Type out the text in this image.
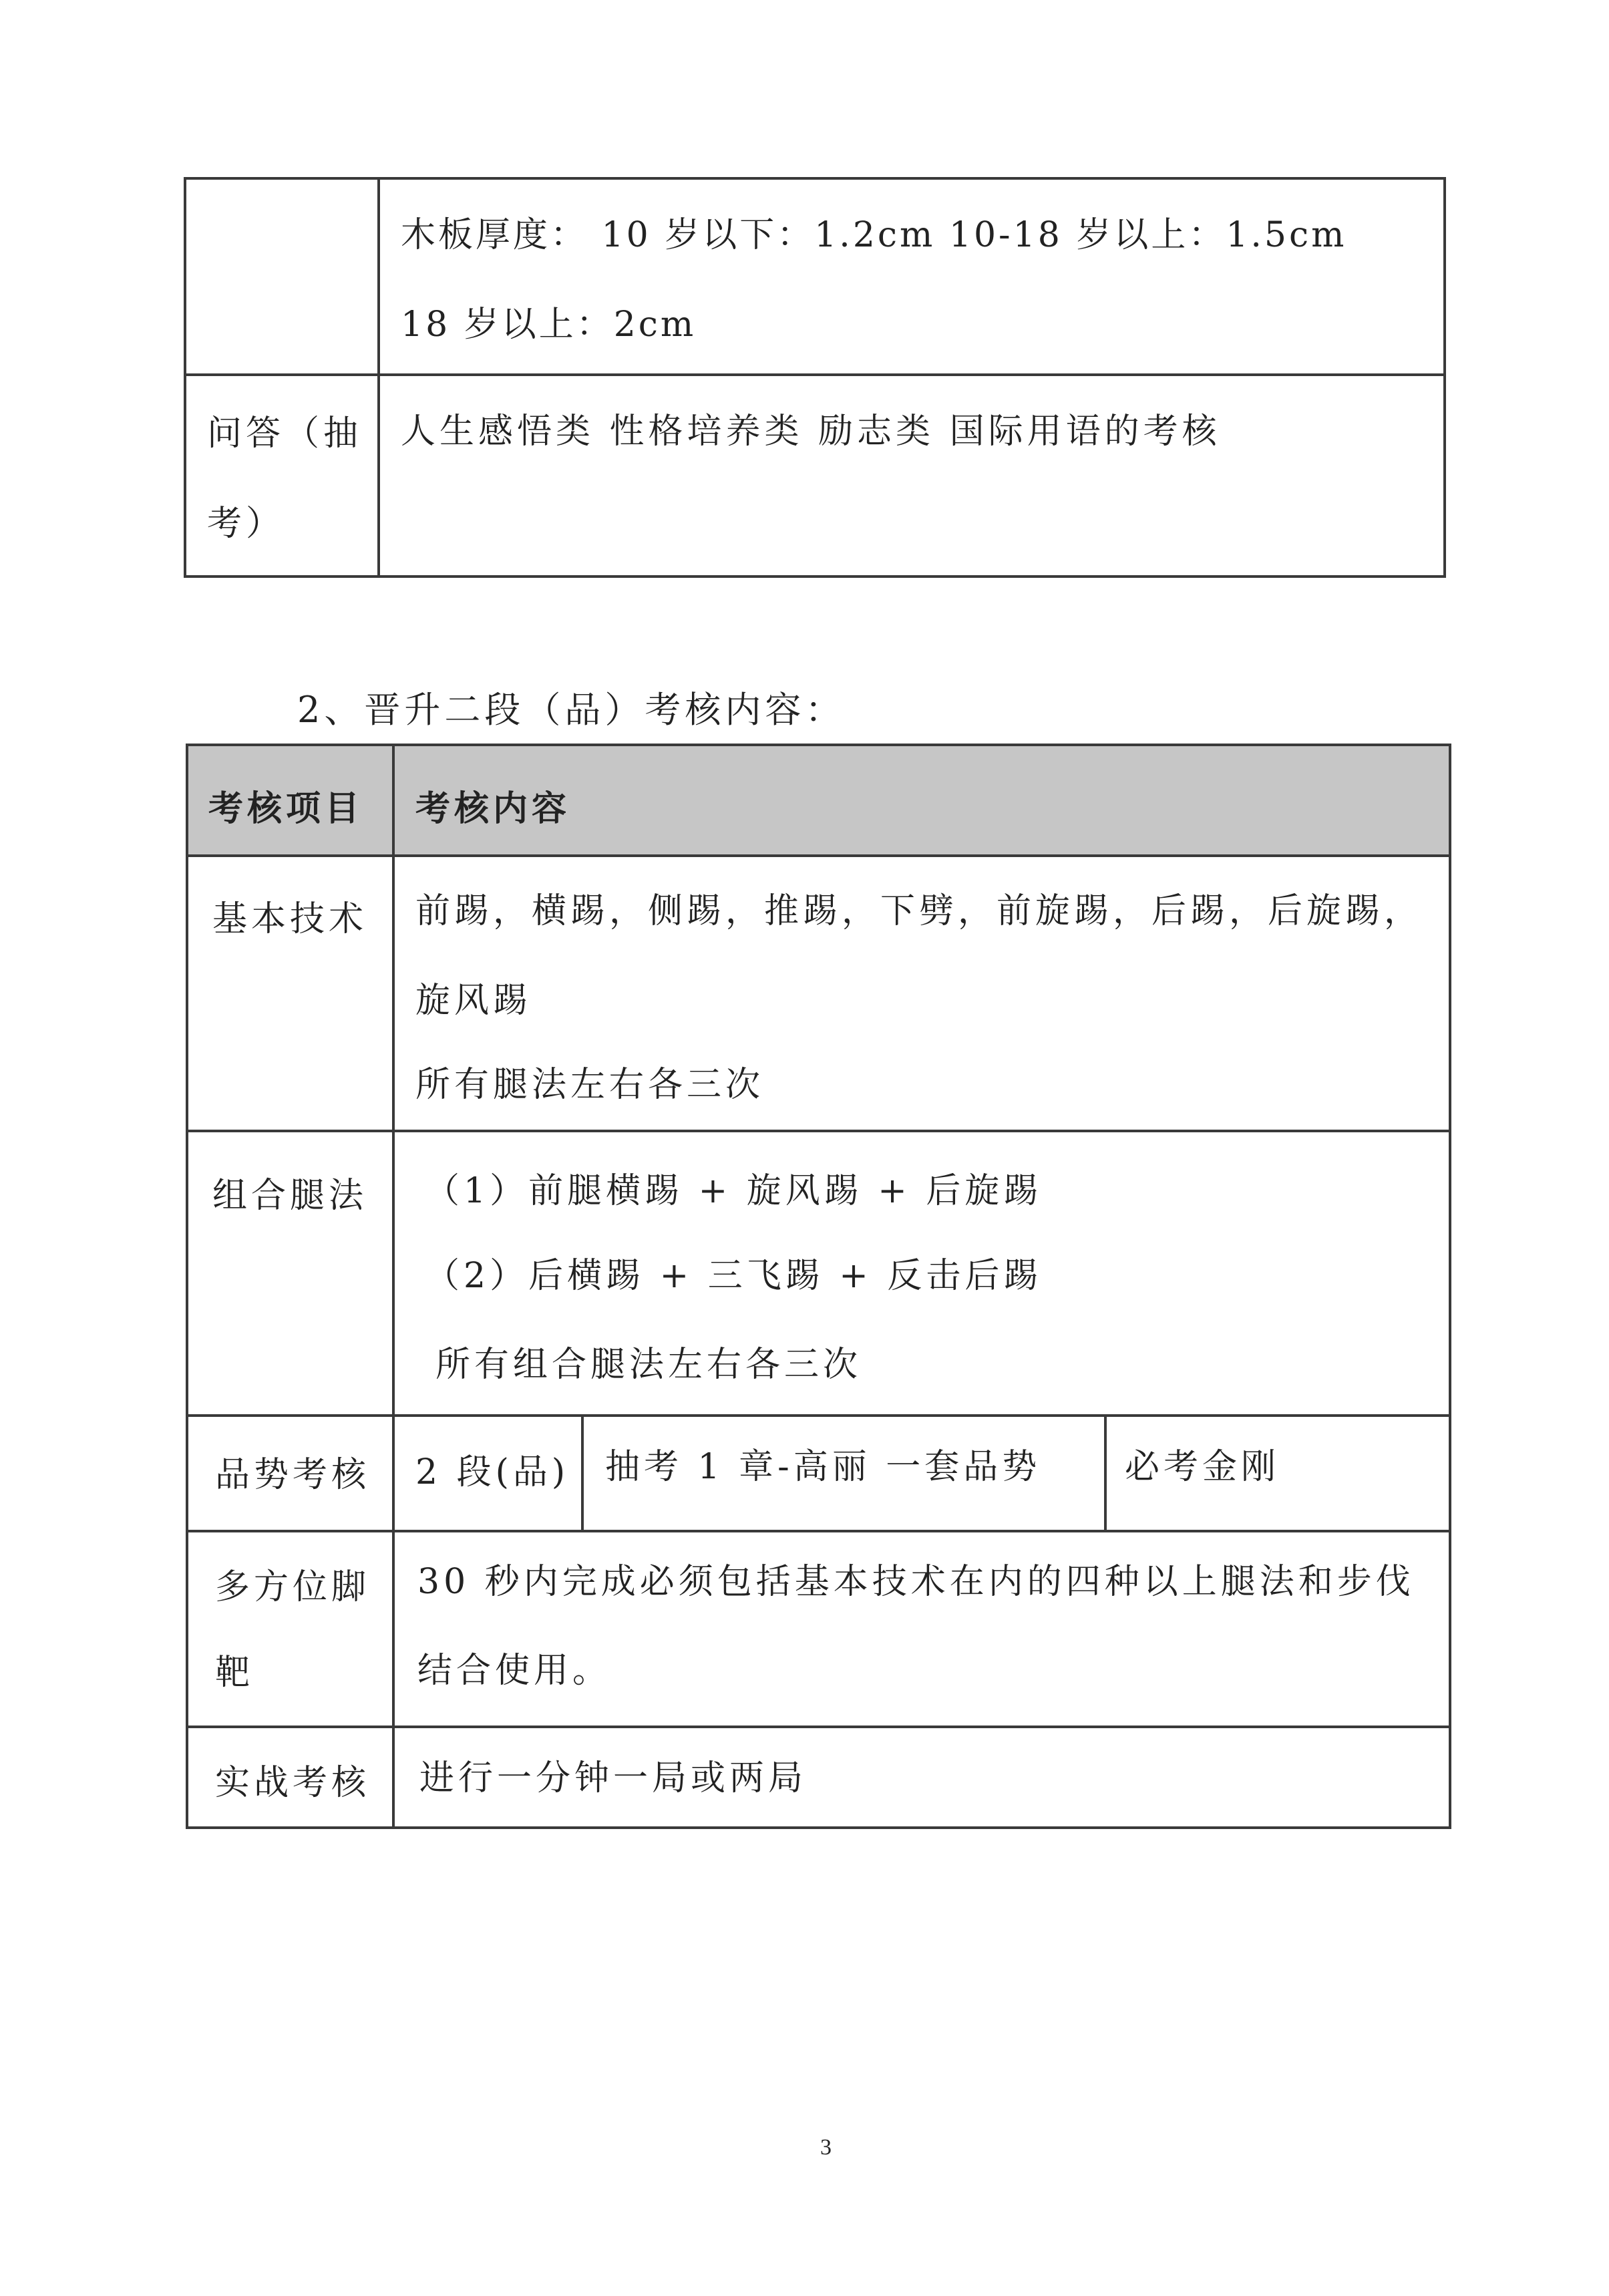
木板厚度： 10 岁以下：1.2cm 10-18 岁以上：1.5cm
18 岁以上：2cm
问答（抽
考）
人生感悟类 性格培养类 励志类 国际用语的考核
2、晋升二段（品）考核内容：
考核项目 考核内容
基本技术 前踢，横踢，侧踢，推踢，下劈，前旋踢，后踢，后旋踢，
旋风踢
所有腿法左右各三次
组合腿法 （1）前腿横踢 + 旋风踢 + 后旋踢
（2）后横踢 + 三飞踢 + 反击后踢
所有组合腿法左右各三次
品势考核 2 段(品) 抽考 1 章-高丽 一套品势 必考金刚
多方位脚
靶
30 秒内完成必须包括基本技术在内的四种以上腿法和步伐
结合使用。
实战考核 进行一分钟一局或两局
3
